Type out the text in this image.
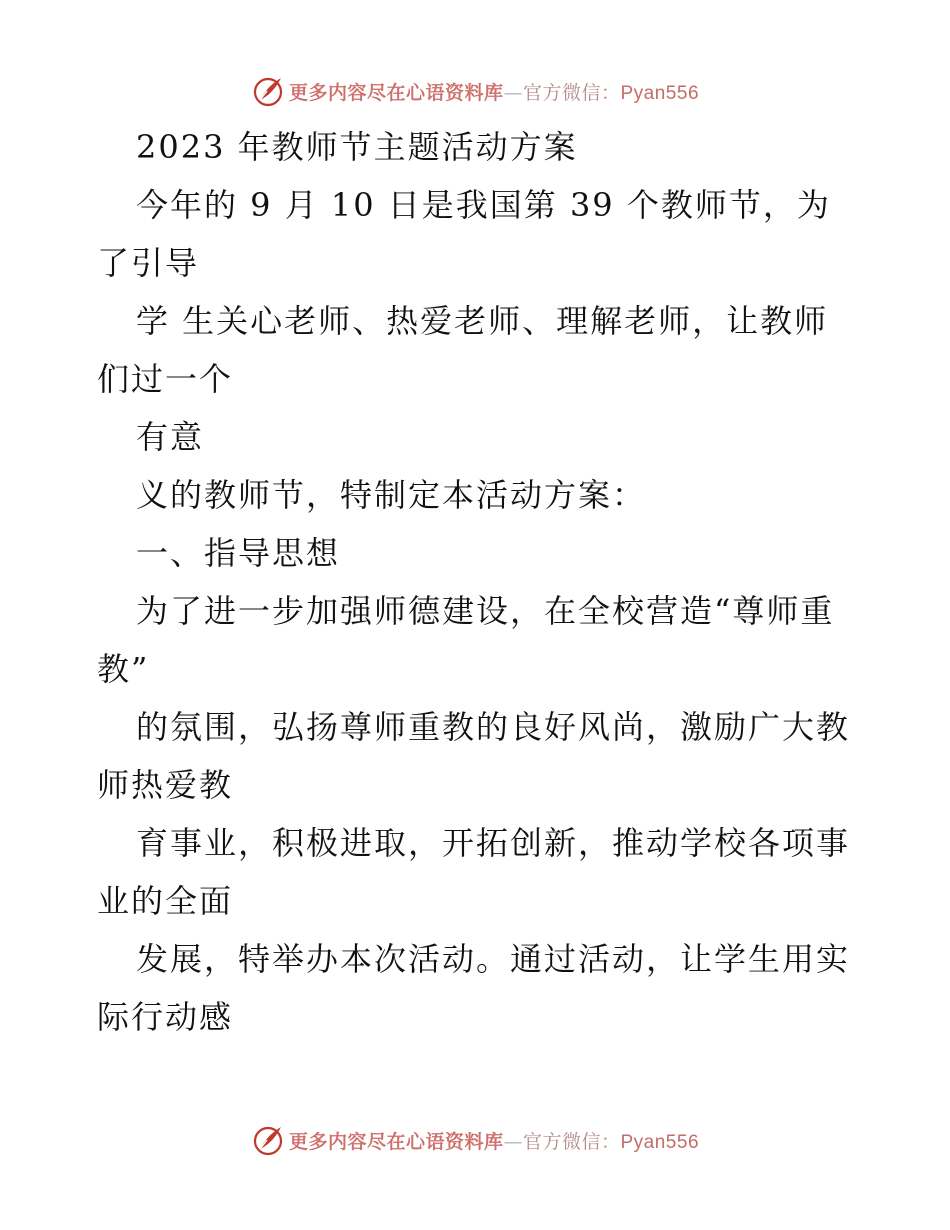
更多内容尽在心语资料库—官方微信：Pyan556

2023 年教师节主题活动方案

今年的 9 月 10 日是我国第 39 个教师节，为了引导

学 生关心老师、热爱老师、理解老师，让教师们过一个

有意

义的教师节，特制定本活动方案：

一、指导思想

为了进一步加强师德建设，在全校营造“尊师重教”

的氛围，弘扬尊师重教的良好风尚，激励广大教师热爱教

育事业，积极进取，开拓创新，推动学校各项事业的全面

发展，特举办本次活动。通过活动，让学生用实际行动感

更多内容尽在心语资料库—官方微信：Pyan556
